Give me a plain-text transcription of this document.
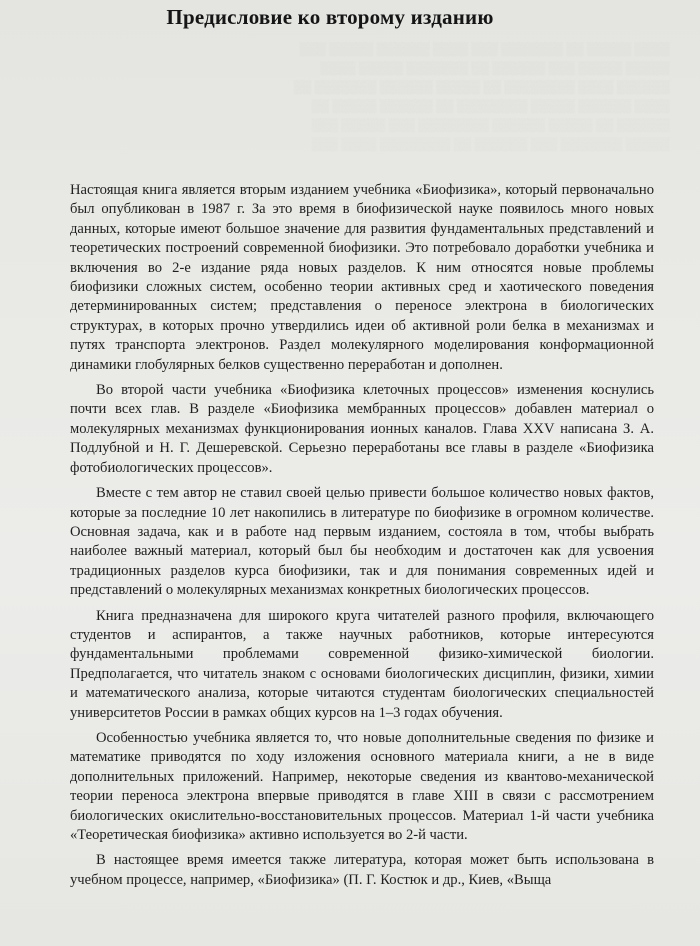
░░░░ ░░░░░ ░░ ░░░░░░░ ░░░ ░░░░ ░░░░░░ ░░░░░ ░░░
░░░░░ ░░░░░ ░░░ ░░░░░░ ░░ ░░░░░░░ ░░░░░ ░░░░
░░░░░░ ░░░░ ░░░░░░░░ ░░ ░░░░░ ░░░░░░ ░░░░░░░ ░░
░░░░ ░░░░░░ ░░░░░ ░░░░░░░░ ░░ ░░░░░░ ░░░░░ ░░
░░░░░░ ░░ ░░░░░ ░░░░░░ ░░░░░░░░ ░░░ ░░░░░ ░░░
░░░░░ ░░░░░░░ ░░░ ░░░░░░ ░░ ░░░░░░░░ ░░░░ ░░░
Предисловие ко второму изданию

Настоящая книга является вторым изданием учебника «Биофизика», который первоначально был опубликован в 1987 г. За это время в биофизической науке появилось много новых данных, которые имеют большое значение для развития фундаментальных представлений и теоретических построений современной биофизики. Это потребовало доработки учебника и включения во 2-е издание ряда новых разделов. К ним относятся новые проблемы биофизики сложных систем, особенно теории активных сред и хаотического поведения детерминированных систем; представления о переносе электрона в биологических структурах, в которых прочно утвердились идеи об активной роли белка в механизмах и путях транспорта электронов. Раздел молекулярного моделирования конформационной динамики глобулярных белков существенно переработан и дополнен.

Во второй части учебника «Биофизика клеточных процессов» изменения коснулись почти всех глав. В разделе «Биофизика мембранных процессов» добавлен материал о молекулярных механизмах функционирования ионных каналов. Глава XXV написана З. А. Подлубной и Н. Г. Дешеревской. Серьезно переработаны все главы в разделе «Биофизика фотобиологических процессов».

Вместе с тем автор не ставил своей целью привести большое количество новых фактов, которые за последние 10 лет накопились в литературе по биофизике в огромном количестве. Основная задача, как и в работе над первым изданием, состояла в том, чтобы выбрать наиболее важный материал, который был бы необходим и достаточен как для усвоения традиционных разделов курса биофизики, так и для понимания современных идей и представлений о молекулярных механизмах конкретных биологических процессов.

Книга предназначена для широкого круга читателей разного профиля, включающего студентов и аспирантов, а также научных работников, которые интересуются фундаментальными проблемами современной физико-химической биологии. Предполагается, что читатель знаком с основами биологических дисциплин, физики, химии и математического анализа, которые читаются студентам биологических специальностей университетов России в рамках общих курсов на 1–3 годах обучения.

Особенностью учебника является то, что новые дополнительные сведения по физике и математике приводятся по ходу изложения основного материала книги, а не в виде дополнительных приложений. Например, некоторые сведения из квантово-механической теории переноса электрона впервые приводятся в главе XIII в связи с рассмотрением биологических окислительно-восстановительных процессов. Материал 1-й части учебника «Теоретическая биофизика» активно используется во 2-й части.

В настоящее время имеется также литература, которая может быть использована в учебном процессе, например, «Биофизика» (П. Г. Костюк и др., Киев, «Выща
